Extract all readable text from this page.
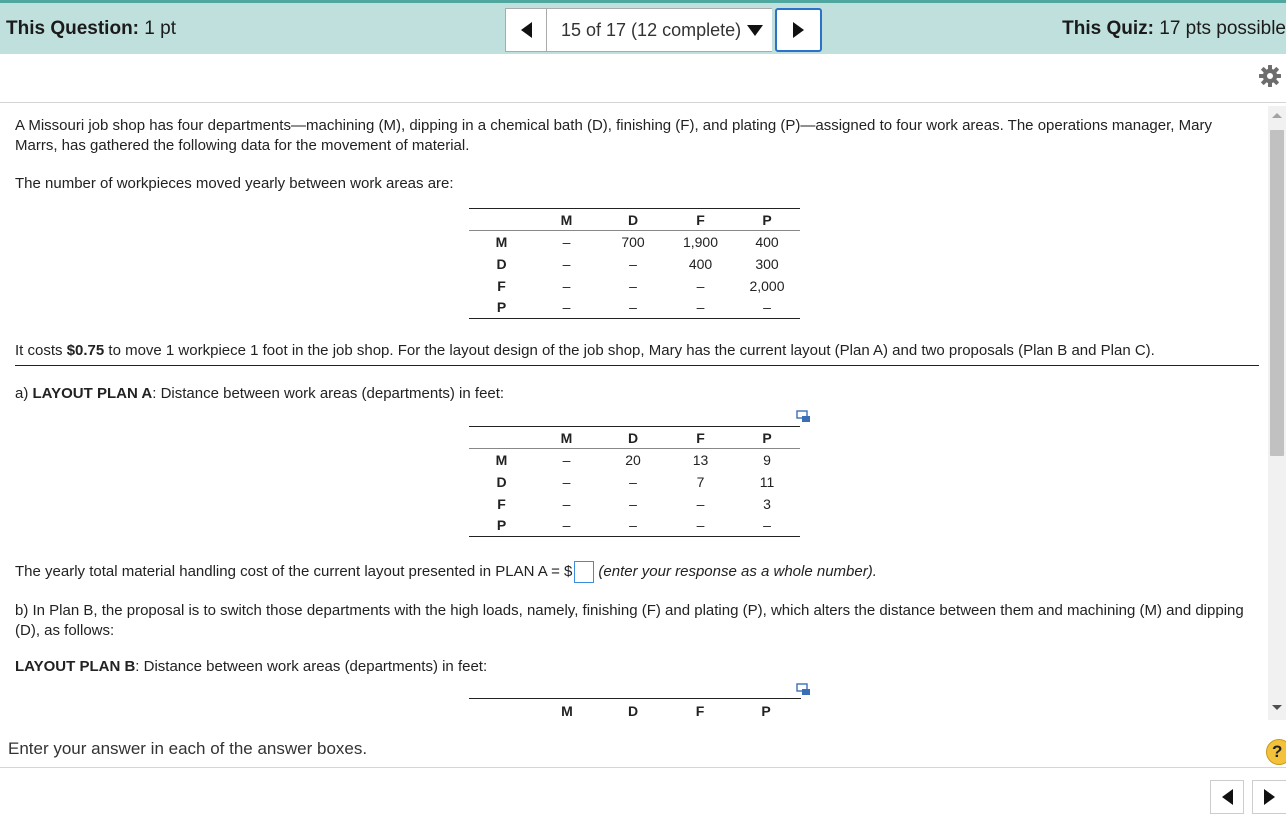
This Question: 1 pt	15 of 17 (12 complete)	This Quiz: 17 pts possible
A Missouri job shop has four departments—machining (M), dipping in a chemical bath (D), finishing (F), and plating (P)—assigned to four work areas. The operations manager, Mary Marrs, has gathered the following data for the movement of material.
The number of workpieces moved yearly between work areas are:
	M	D	F	P
M	–	700	1,900	400
D	–	–	400	300
F	–	–	–	2,000
P	–	–	–	–
It costs $0.75 to move 1 workpiece 1 foot in the job shop. For the layout design of the job shop, Mary has the current layout (Plan A) and two proposals (Plan B and Plan C).
a) LAYOUT PLAN A: Distance between work areas (departments) in feet:
	M	D	F	P
M	–	20	13	9
D	–	–	7	11
F	–	–	–	3
P	–	–	–	–
The yearly total material handling cost of the current layout presented in PLAN A = $ (enter your response as a whole number).
b) In Plan B, the proposal is to switch those departments with the high loads, namely, finishing (F) and plating (P), which alters the distance between them and machining (M) and dipping (D), as follows:
LAYOUT PLAN B: Distance between work areas (departments) in feet:
M	D	F	P
Enter your answer in each of the answer boxes.	?
